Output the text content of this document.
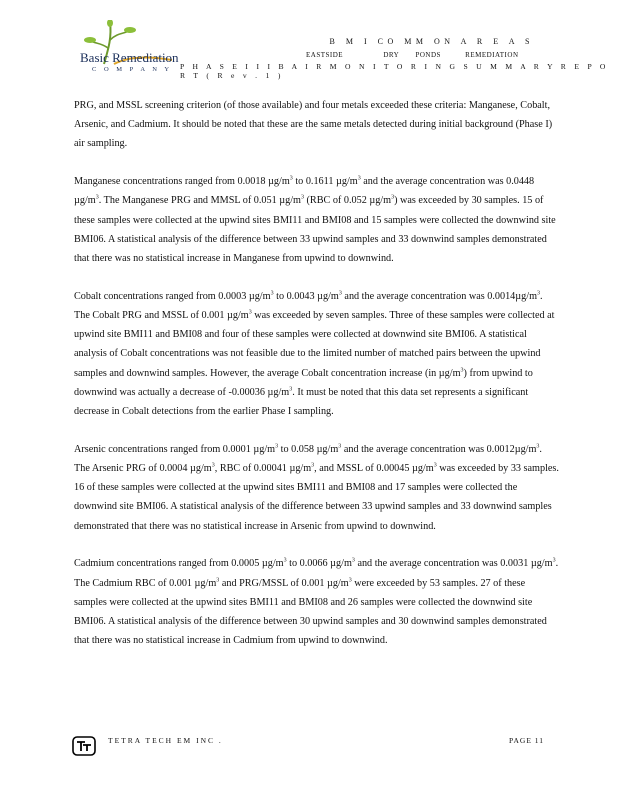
Basic Remediation
C O M P A N Y
B M I CO MM ON A R E A S
EASTSIDE	DRY PONDS	REMEDIATION
P H A S E I I I B A I R M O N I T O R I N G S U M M A R Y R E P O R T ( R e v . 1 )

PRG, and MSSL screening criterion (of those available) and four metals exceeded these criteria: Manganese, Cobalt, Arsenic, and Cadmium. It should be noted that these are the same metals detected during initial background (Phase I) air sampling.

Manganese concentrations ranged from 0.0018 $\mu g/m^3$ to 0.1611 $\mu g/m^3$ and the average concentration was 0.0448 $\mu g/m^3$. The Manganese PRG and MMSL of 0.051 $\mu g/m^3$ (RBC of 0.052 $\mu g/m^3$) was exceeded by 30 samples. 15 of these samples were collected at the upwind sites BMI11 and BMI08 and 15 samples were collected the downwind site BMI06. A statistical analysis of the difference between 33 upwind samples and 33 downwind samples demonstrated that there was no statistical increase in Manganese from upwind to downwind.

Cobalt concentrations ranged from 0.0003 $\mu g/m^3$ to 0.0043 $\mu g/m^3$ and the average concentration was $0.0014\mu g/m^3$. The Cobalt PRG and MSSL of 0.001 $\mu g/m^3$ was exceeded by seven samples. Three of these samples were collected at upwind site BMI11 and BMI08 and four of these samples were collected at downwind site BMI06. A statistical analysis of Cobalt concentrations was not feasible due to the limited number of matched pairs between the upwind samples and downwind samples. However, the average Cobalt concentration increase (in $\mu g/m^3$) from upwind to downwind was actually a decrease of -0.00036 $\mu g/m^3$. It must be noted that this data set represents a significant decrease in Cobalt detections from the earlier Phase I sampling.

Arsenic concentrations ranged from 0.0001 $\mu g/m^3$ to 0.058 $\mu g/m^3$ and the average concentration was $0.0012\mu g/m^3$. The Arsenic PRG of 0.0004 $\mu g/m^3$, RBC of 0.00041 $\mu g/m^3$, and MSSL of 0.00045 $\mu g/m^3$ was exceeded by 33 samples. 16 of these samples were collected at the upwind sites BMI11 and BMI08 and 17 samples were collected the downwind site BMI06. A statistical analysis of the difference between 33 upwind samples and 33 downwind samples demonstrated that there was no statistical increase in Arsenic from upwind to downwind.

Cadmium concentrations ranged from 0.0005 $\mu g/m^3$ to 0.0066 $\mu g/m^3$ and the average concentration was 0.0031 $\mu g/m^3$. The Cadmium RBC of 0.001 $\mu g/m^3$ and PRG/MSSL of 0.001 $\mu g/m^3$ were exceeded by 53 samples. 27 of these samples were collected at the upwind sites BMI11 and BMI08 and 26 samples were collected the downwind site BMI06. A statistical analysis of the difference between 30 upwind samples and 30 downwind samples demonstrated that there was no statistical increase in Cadmium from upwind to downwind.

TETRA TECH EM INC .	PAGE 11
